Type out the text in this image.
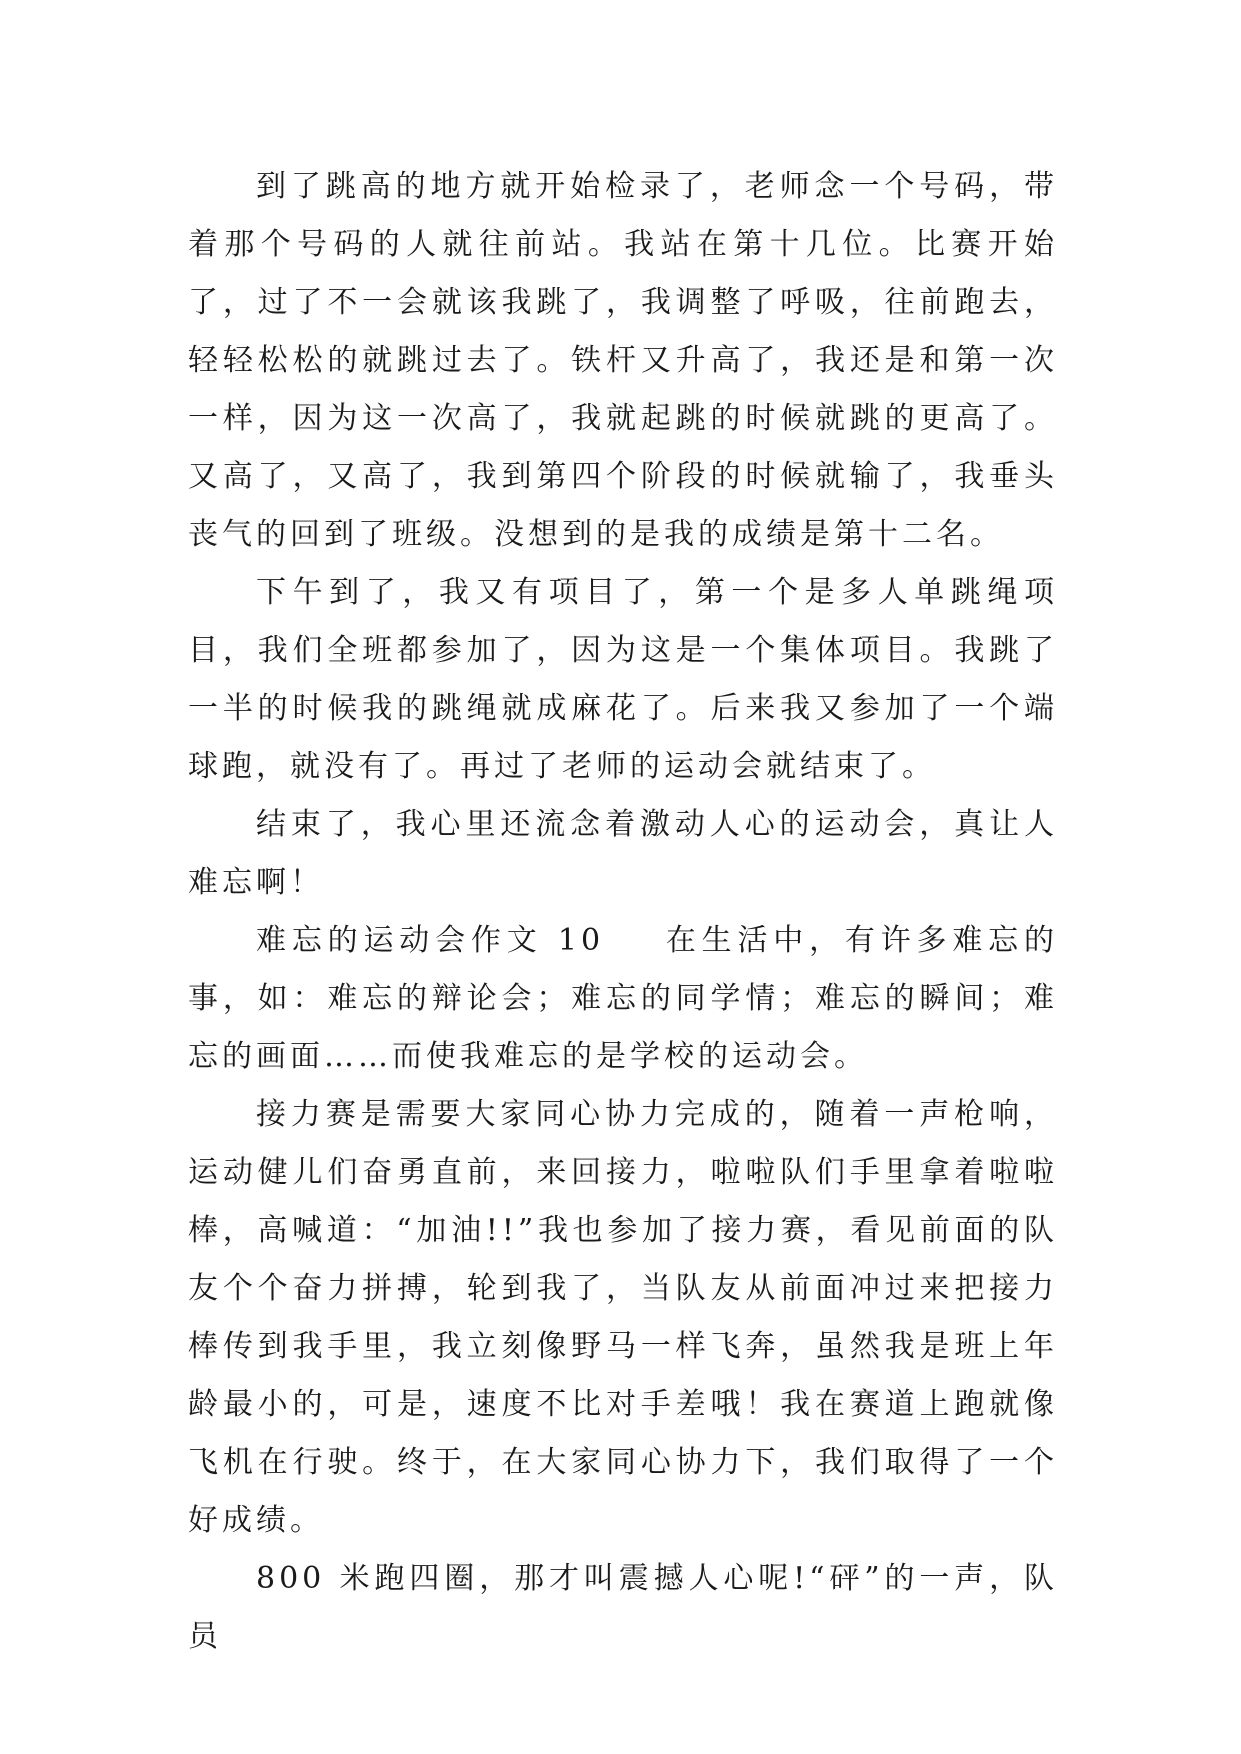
到了跳高的地方就开始检录了，老师念一个号码，带着那个号码的人就往前站。我站在第十几位。比赛开始了，过了不一会就该我跳了，我调整了呼吸，往前跑去，轻轻松松的就跳过去了。铁杆又升高了，我还是和第一次一样，因为这一次高了，我就起跳的时候就跳的更高了。又高了，又高了，我到第四个阶段的时候就输了，我垂头丧气的回到了班级。没想到的是我的成绩是第十二名。

下午到了，我又有项目了，第一个是多人单跳绳项目，我们全班都参加了，因为这是一个集体项目。我跳了一半的时候我的跳绳就成麻花了。后来我又参加了一个端球跑，就没有了。再过了老师的运动会就结束了。

结束了，我心里还流念着激动人心的运动会，真让人难忘啊！

难忘的运动会作文 10 在生活中，有许多难忘的事，如：难忘的辩论会；难忘的同学情；难忘的瞬间；难忘的画面……而使我难忘的是学校的运动会。

接力赛是需要大家同心协力完成的，随着一声枪响，运动健儿们奋勇直前，来回接力，啦啦队们手里拿着啦啦棒，高喊道：“加油!!”我也参加了接力赛，看见前面的队友个个奋力拼搏，轮到我了，当队友从前面冲过来把接力棒传到我手里，我立刻像野马一样飞奔，虽然我是班上年龄最小的，可是，速度不比对手差哦！我在赛道上跑就像飞机在行驶。终于，在大家同心协力下，我们取得了一个好成绩。

800 米跑四圈，那才叫震撼人心呢!“砰”的一声，队员
